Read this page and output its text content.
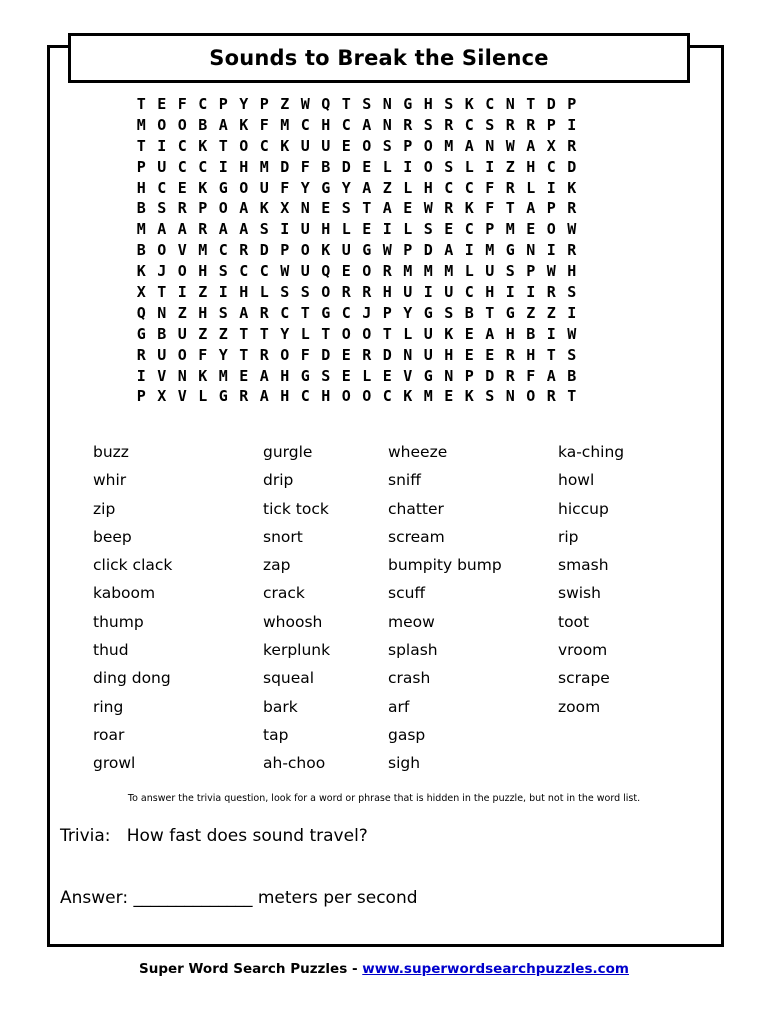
Sounds to Break the Silence
T E F C P Y P Z W Q T S N G H S K C N T D P
M O O B A K F M C H C A N R S R C S R R P I
T I C K T O C K U U E O S P O M A N W A X R
P U C C I H M D F B D E L I O S L I Z H C D
H C E K G O U F Y G Y A Z L H C C F R L I K
B S R P O A K X N E S T A E W R K F T A P R
M A A R A A S I U H L E I L S E C P M E O W
B O V M C R D P O K U G W P D A I M G N I R
K J O H S C C W U Q E O R M M M L U S P W H
X T I Z I H L S S O R R H U I U C H I I R S
Q N Z H S A R C T G C J P Y G S B T G Z Z I
G B U Z Z T T Y L T O O T L U K E A H B I W
R U O F Y T R O F D E R D N U H E E R H T S
I V N K M E A H G S E L E V G N P D R F A B
P X V L G R A H C H O O C K M E K S N O R T
buzz
whir
zip
beep
click clack
kaboom
thump
thud
ding dong
ring
roar
growl
gurgle
drip
tick tock
snort
zap
crack
whoosh
kerplunk
squeal
bark
tap
ah-choo
wheeze
sniff
chatter
scream
bumpity bump
scuff
meow
splash
crash
arf
gasp
sigh
ka-ching
howl
hiccup
rip
smash
swish
toot
vroom
scrape
zoom
To answer the trivia question, look for a word or phrase that is hidden in the puzzle, but not in the word list.
Trivia: How fast does sound travel?
Answer: ______________ meters per second
Super Word Search Puzzles - www.superwordsearchpuzzles.com
